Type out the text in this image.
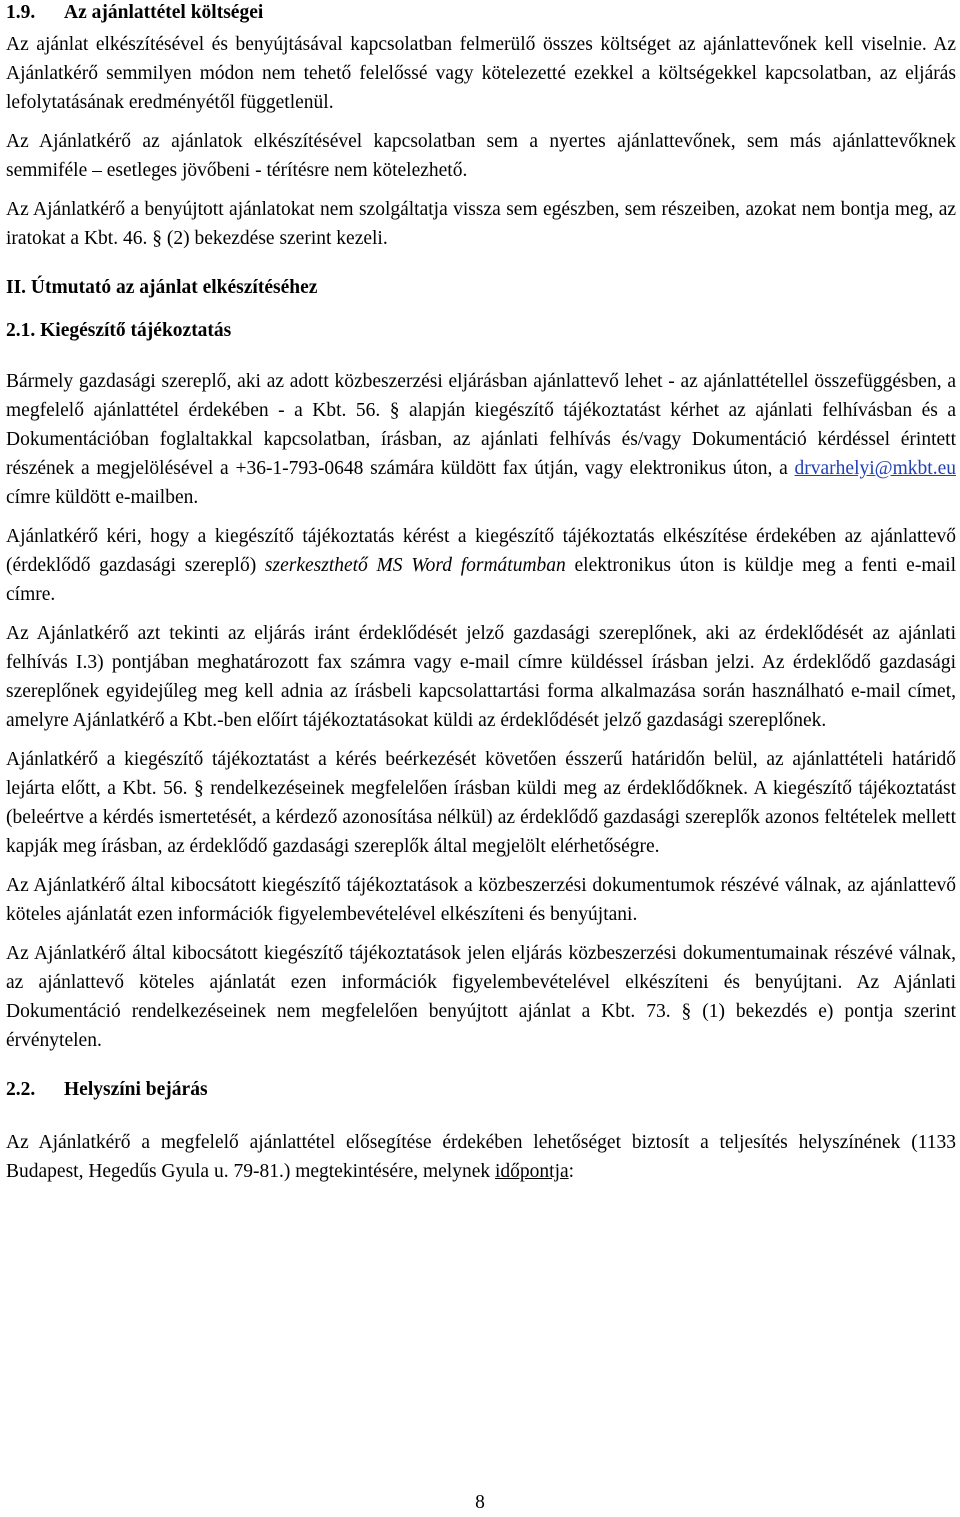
1.9. Az ajánlattétel költségei

Az ajánlat elkészítésével és benyújtásával kapcsolatban felmerülő összes költséget az ajánlattevőnek kell viselnie. Az Ajánlatkérő semmilyen módon nem tehető felelőssé vagy kötelezetté ezekkel a költségekkel kapcsolatban, az eljárás lefolytatásának eredményétől függetlenül.

Az Ajánlatkérő az ajánlatok elkészítésével kapcsolatban sem a nyertes ajánlattevőnek, sem más ajánlattevőknek semmiféle – esetleges jövőbeni - térítésre nem kötelezhető.

Az Ajánlatkérő a benyújtott ajánlatokat nem szolgáltatja vissza sem egészben, sem részeiben, azokat nem bontja meg, az iratokat a Kbt. 46. § (2) bekezdése szerint kezeli.

II. Útmutató az ajánlat elkészítéséhez
2.1. Kiegészítő tájékoztatás

Bármely gazdasági szereplő, aki az adott közbeszerzési eljárásban ajánlattevő lehet - az ajánlattétellel összefüggésben, a megfelelő ajánlattétel érdekében - a Kbt. 56. § alapján kiegészítő tájékoztatást kérhet az ajánlati felhívásban és a Dokumentációban foglaltakkal kapcsolatban, írásban, az ajánlati felhívás és/vagy Dokumentáció kérdéssel érintett részének a megjelölésével a +36-1-793-0648 számára küldött fax útján, vagy elektronikus úton, a drvarhelyi@mkbt.eu címre küldött e-mailben.

Ajánlatkérő kéri, hogy a kiegészítő tájékoztatás kérést a kiegészítő tájékoztatás elkészítése érdekében az ajánlattevő (érdeklődő gazdasági szereplő) szerkeszthető MS Word formátumban elektronikus úton is küldje meg a fenti e-mail címre.

Az Ajánlatkérő azt tekinti az eljárás iránt érdeklődését jelző gazdasági szereplőnek, aki az érdeklődését az ajánlati felhívás I.3) pontjában meghatározott fax számra vagy e-mail címre küldéssel írásban jelzi. Az érdeklődő gazdasági szereplőnek egyidejűleg meg kell adnia az írásbeli kapcsolattartási forma alkalmazása során használható e-mail címet, amelyre Ajánlatkérő a Kbt.-ben előírt tájékoztatásokat küldi az érdeklődését jelző gazdasági szereplőnek.

Ajánlatkérő a kiegészítő tájékoztatást a kérés beérkezését követően ésszerű határidőn belül, az ajánlattételi határidő lejárta előtt, a Kbt. 56. § rendelkezéseinek megfelelően írásban küldi meg az érdeklődőknek. A kiegészítő tájékoztatást (beleértve a kérdés ismertetését, a kérdező azonosítása nélkül) az érdeklődő gazdasági szereplők azonos feltételek mellett kapják meg írásban, az érdeklődő gazdasági szereplők által megjelölt elérhetőségre.

Az Ajánlatkérő által kibocsátott kiegészítő tájékoztatások a közbeszerzési dokumentumok részévé válnak, az ajánlattevő köteles ajánlatát ezen információk figyelembevételével elkészíteni és benyújtani.

Az Ajánlatkérő által kibocsátott kiegészítő tájékoztatások jelen eljárás közbeszerzési dokumentumainak részévé válnak, az ajánlattevő köteles ajánlatát ezen információk figyelembevételével elkészíteni és benyújtani. Az Ajánlati Dokumentáció rendelkezéseinek nem megfelelően benyújtott ajánlat a Kbt. 73. § (1) bekezdés e) pontja szerint érvénytelen.

2.2. Helyszíni bejárás

Az Ajánlatkérő a megfelelő ajánlattétel elősegítése érdekében lehetőséget biztosít a teljesítés helyszínének (1133 Budapest, Hegedűs Gyula u. 79-81.) megtekintésére, melynek időpontja:

8
